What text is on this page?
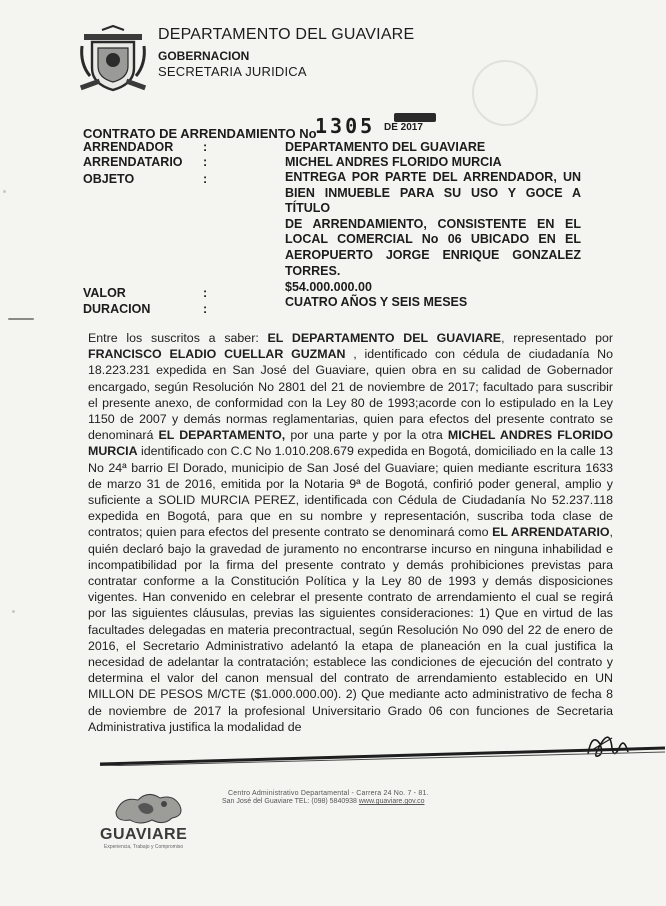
DEPARTAMENTO DEL GUAVIARE
GOBERNACION
SECRETARIA JURIDICA
CONTRATO DE ARRENDAMIENTO No
1305 DE 2017
ARRENDADOR	:	DEPARTAMENTO DEL GUAVIARE
ARRENDATARIO	:	MICHEL ANDRES FLORIDO MURCIA
OBJETO	:	ENTREGA POR PARTE DEL ARRENDADOR, UN
BIEN INMUEBLE PARA SU USO Y GOCE A TÍTULO
DE ARRENDAMIENTO, CONSISTENTE EN EL
LOCAL COMERCIAL No 06 UBICADO EN EL
AEROPUERTO JORGE ENRIQUE GONZALEZ
TORRES.
VALOR	:	$54.000.000.00
DURACION	:	CUATRO AÑOS Y SEIS MESES
Entre los suscritos a saber: EL DEPARTAMENTO DEL GUAVIARE, representado por FRANCISCO ELADIO CUELLAR GUZMAN , identificado con cédula de ciudadanía No 18.223.231 expedida en San José del Guaviare, quien obra en su calidad de Gobernador encargado, según Resolución No 2801 del 21 de noviembre de 2017; facultado para suscribir el presente anexo, de conformidad con la Ley 80 de 1993;acorde con lo estipulado en la Ley 1150 de 2007 y demás normas reglamentarias, quien para efectos del presente contrato se denominará EL DEPARTAMENTO, por una parte y por la otra MICHEL ANDRES FLORIDO MURCIA identificado con C.C No 1.010.208.679 expedida en Bogotá, domiciliado en la calle 13 No 24ª barrio El Dorado, municipio de San José del Guaviare; quien mediante escritura 1633 de marzo 31 de 2016, emitida por la Notaria 9ª de Bogotá, confirió poder general, amplio y suficiente a SOLID MURCIA PEREZ, identificada con Cédula de Ciudadanía No 52.237.118 expedida en Bogotá, para que en su nombre y representación, suscriba toda clase de contratos; quien para efectos del presente contrato se denominará como EL ARRENDATARIO, quién declaró bajo la gravedad de juramento no encontrarse incurso en ninguna inhabilidad e incompatibilidad por la firma del presente contrato y demás prohibiciones previstas para contratar conforme a la Constitución Política y la Ley 80 de 1993 y demás disposiciones vigentes. Han convenido en celebrar el presente contrato de arrendamiento el cual se regirá por las siguientes cláusulas, previas las siguientes consideraciones: 1) Que en virtud de las facultades delegadas en materia precontractual, según Resolución No 090 del 22 de enero de 2016, el Secretario Administrativo adelantó la etapa de planeación en la cual justifica la necesidad de adelantar la contratación; establece las condiciones de ejecución del contrato y determina el valor del canon mensual del contrato de arrendamiento establecido en UN MILLON DE PESOS M/CTE ($1.000.000.00). 2) Que mediante acto administrativo de fecha 8 de noviembre de 2017 la profesional Universitario Grado 06 con funciones de Secretaria Administrativa justifica la modalidad de
Centro Administrativo Departamental - Carrera 24 No. 7 - 81.
San José del Guaviare TEL: (098) 5840938 www.guaviare.gov.co
GUAVIARE
Experiencia, Trabajo y Compromiso
